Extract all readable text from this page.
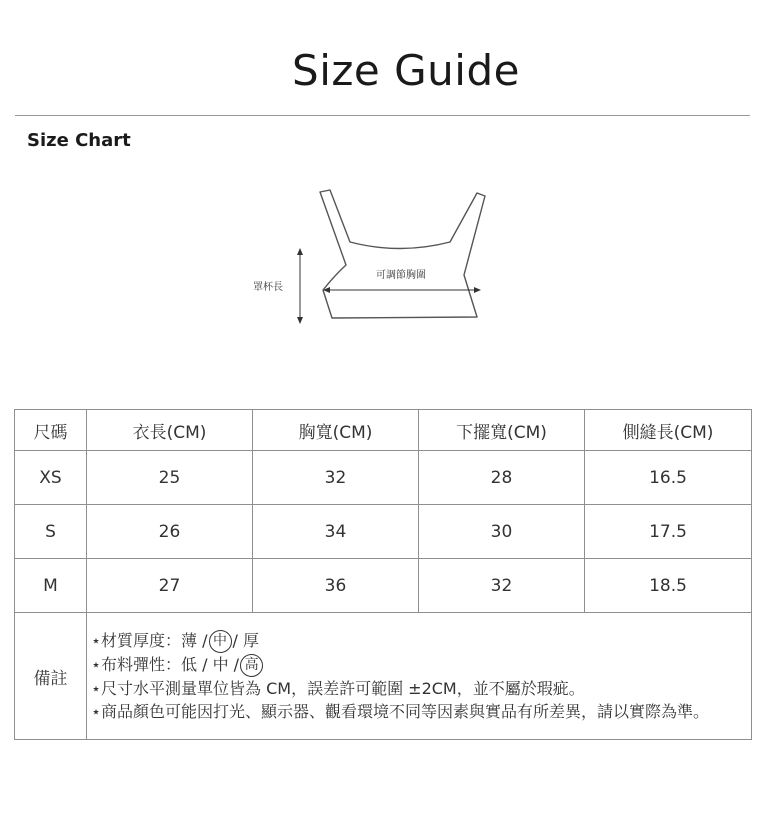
Size Guide
Size Chart
罩杯長
可調節胸圍
尺碼	衣長(CM)	胸寬(CM)	下擺寬(CM)	側縫長(CM)
XS	25	32	28	16.5
S	26	34	30	17.5
M	27	36	32	18.5
備註	⋆材質厚度：薄 / 中 / 厚
⋆布料彈性：低 / 中 / 高
⋆尺寸水平測量單位皆為 CM，誤差許可範圍 ±2CM，並不屬於瑕疵。
⋆商品顏色可能因打光、顯示器、觀看環境不同等因素與實品有所差異，請以實際為準。			
